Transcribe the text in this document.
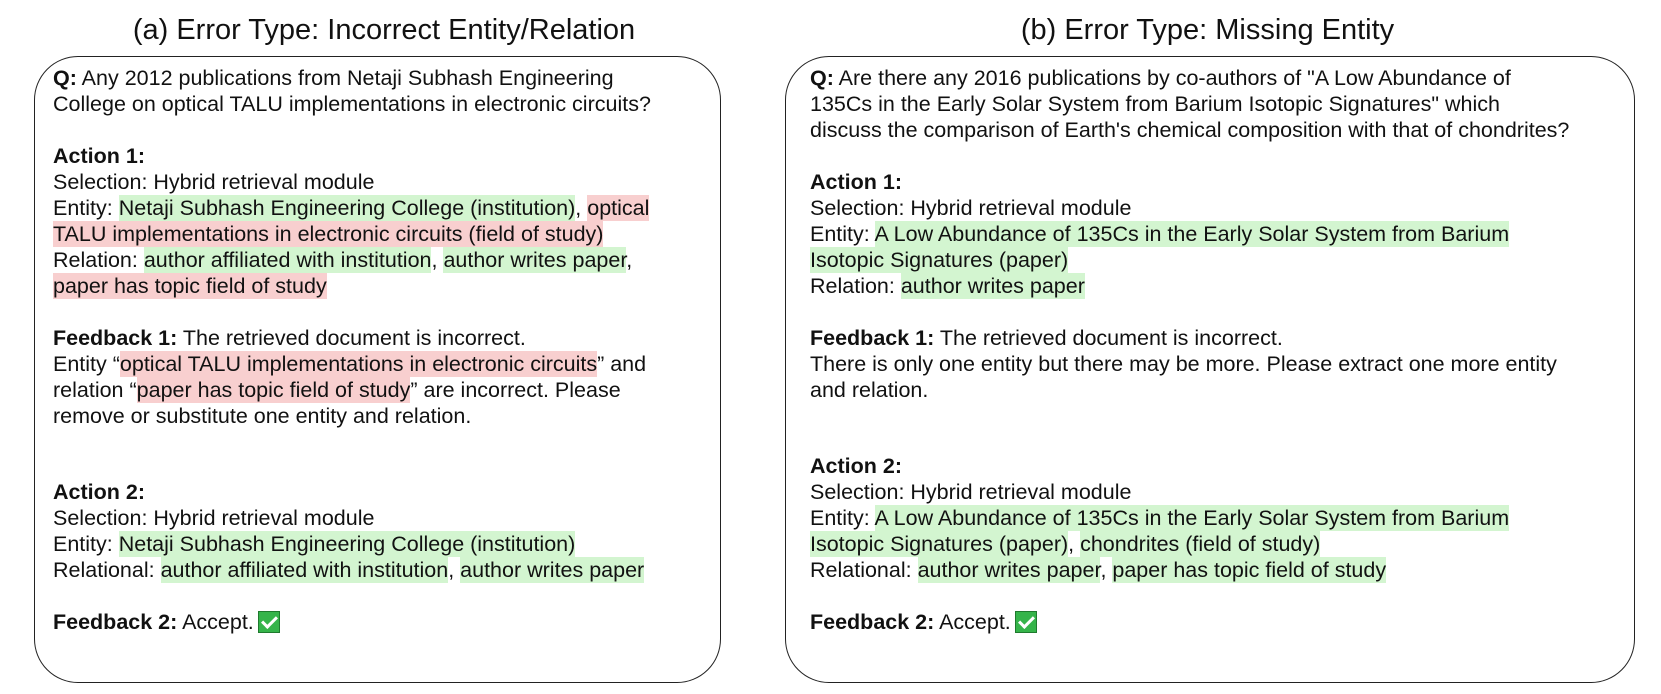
(a) Error Type: Incorrect Entity/Relation	(b) Error Type: Missing Entity
Q: Any 2012 publications from Netaji Subhash Engineering
College on optical TALU implementations in electronic circuits?
Action 1:
Selection: Hybrid retrieval module
Entity: Netaji Subhash Engineering College (institution), optical
TALU implementations in electronic circuits (field of study)
Relation: author affiliated with institution, author writes paper,
paper has topic field of study
Feedback 1: The retrieved document is incorrect.
Entity “optical TALU implementations in electronic circuits” and
relation “paper has topic field of study” are incorrect. Please
remove or substitute one entity and relation.
Action 2:
Selection: Hybrid retrieval module
Entity: Netaji Subhash Engineering College (institution)
Relational: author affiliated with institution, author writes paper
Feedback 2: Accept.
Q: Are there any 2016 publications by co-authors of "A Low Abundance of
135Cs in the Early Solar System from Barium Isotopic Signatures" which
discuss the comparison of Earth's chemical composition with that of chondrites?
Action 1:
Selection: Hybrid retrieval module
Entity: A Low Abundance of 135Cs in the Early Solar System from Barium
Isotopic Signatures (paper)
Relation: author writes paper
Feedback 1: The retrieved document is incorrect.
There is only one entity but there may be more. Please extract one more entity
and relation.
Action 2:
Selection: Hybrid retrieval module
Entity: A Low Abundance of 135Cs in the Early Solar System from Barium
Isotopic Signatures (paper), chondrites (field of study)
Relational: author writes paper, paper has topic field of study
Feedback 2: Accept.
